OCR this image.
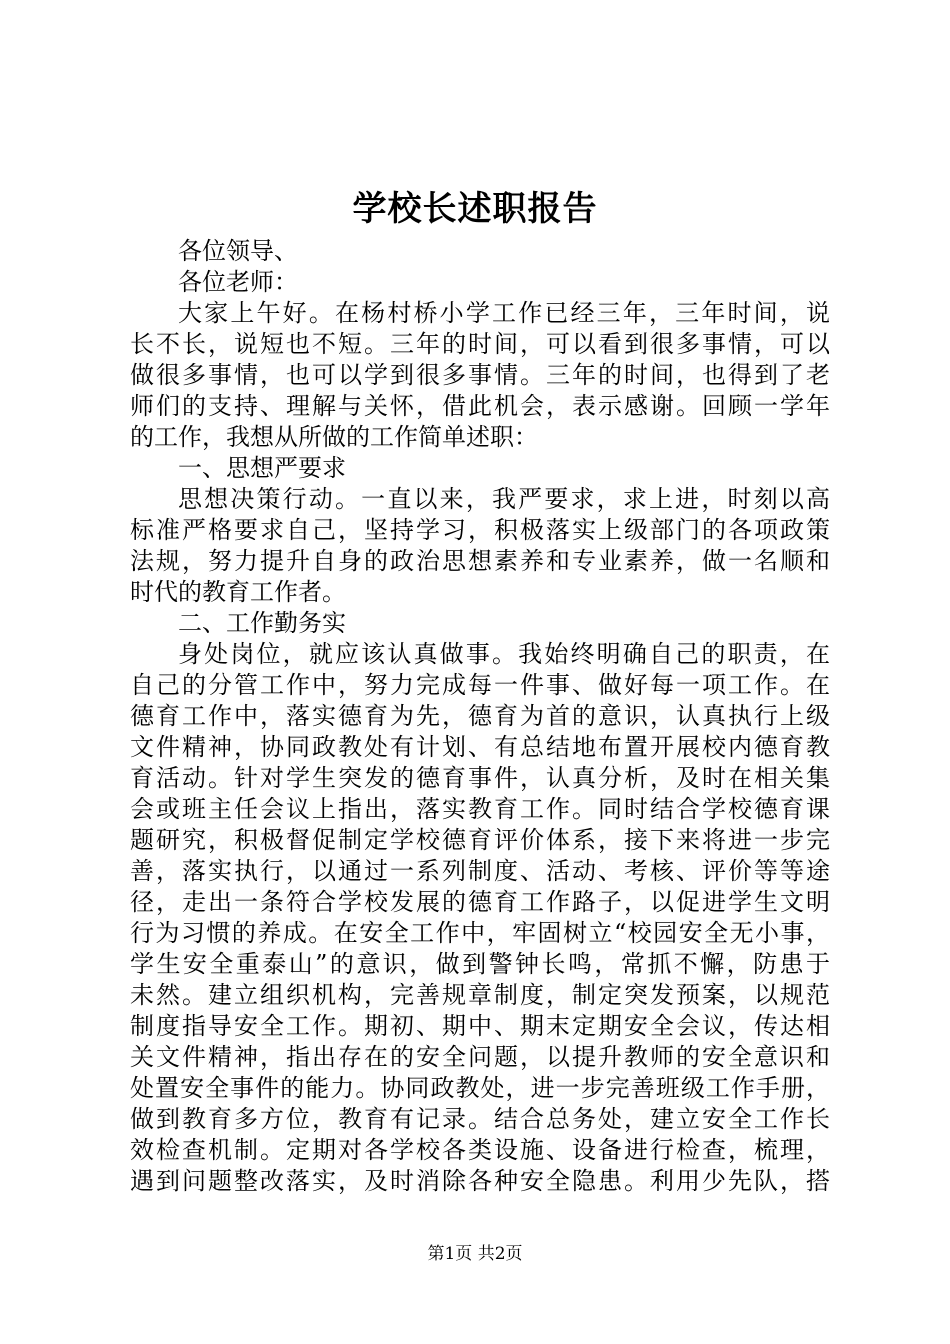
学校长述职报告
各位领导、
各位老师：
大家上午好。在杨村桥小学工作已经三年，三年时间，说
长不长，说短也不短。三年的时间，可以看到很多事情，可以
做很多事情，也可以学到很多事情。三年的时间，也得到了老
师们的支持、理解与关怀，借此机会，表示感谢。回顾一学年
的工作，我想从所做的工作简单述职：
一、思想严要求
思想决策行动。一直以来，我严要求，求上进，时刻以高
标准严格要求自己，坚持学习，积极落实上级部门的各项政策
法规，努力提升自身的政治思想素养和专业素养，做一名顺和
时代的教育工作者。
二、工作勤务实
身处岗位，就应该认真做事。我始终明确自己的职责，在
自己的分管工作中，努力完成每一件事、做好每一项工作。在
德育工作中，落实德育为先，德育为首的意识，认真执行上级
文件精神，协同政教处有计划、有总结地布置开展校内德育教
育活动。针对学生突发的德育事件，认真分析，及时在相关集
会或班主任会议上指出，落实教育工作。同时结合学校德育课
题研究，积极督促制定学校德育评价体系，接下来将进一步完
善，落实执行，以通过一系列制度、活动、考核、评价等等途
径，走出一条符合学校发展的德育工作路子，以促进学生文明
行为习惯的养成。在安全工作中，牢固树立“校园安全无小事，
学生安全重泰山”的意识，做到警钟长鸣，常抓不懈，防患于
未然。建立组织机构，完善规章制度，制定突发预案，以规范
制度指导安全工作。期初、期中、期末定期安全会议，传达相
关文件精神，指出存在的安全问题，以提升教师的安全意识和
处置安全事件的能力。协同政教处，进一步完善班级工作手册，
做到教育多方位，教育有记录。结合总务处，建立安全工作长
效检查机制。定期对各学校各类设施、设备进行检查，梳理，
遇到问题整改落实，及时消除各种安全隐患。利用少先队，搭
第1页 共2页
